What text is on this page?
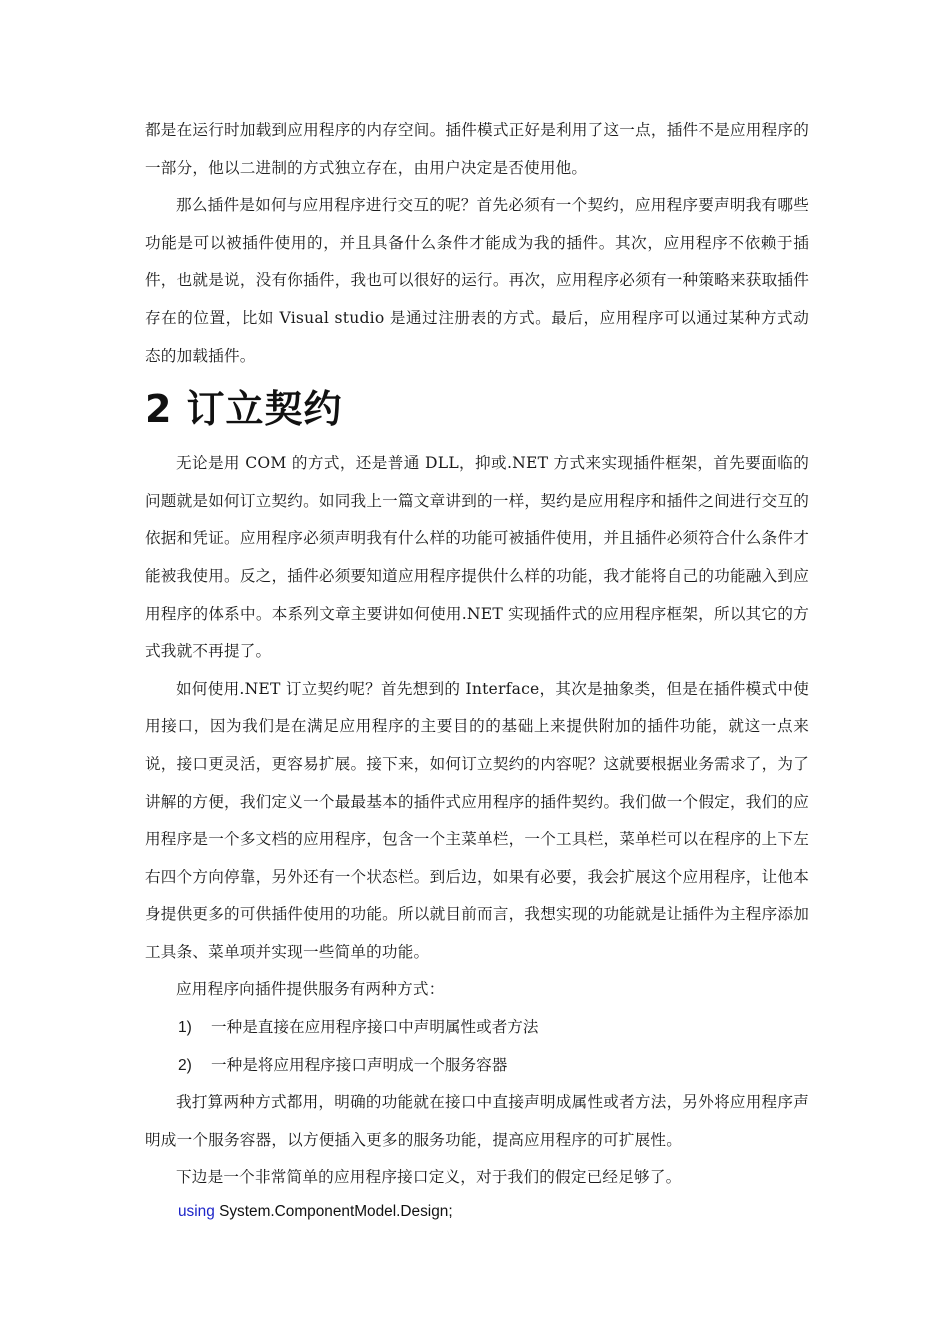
都是在运行时加载到应用程序的内存空间。插件模式正好是利用了这一点，插件不是应用程序的一部分，他以二进制的方式独立存在，由用户决定是否使用他。

那么插件是如何与应用程序进行交互的呢？首先必须有一个契约，应用程序要声明我有哪些功能是可以被插件使用的，并且具备什么条件才能成为我的插件。其次，应用程序不依赖于插件，也就是说，没有你插件，我也可以很好的运行。再次，应用程序必须有一种策略来获取插件存在的位置，比如 Visual studio 是通过注册表的方式。最后，应用程序可以通过某种方式动态的加载插件。

2 订立契约

无论是用 COM 的方式，还是普通 DLL，抑或.NET 方式来实现插件框架，首先要面临的问题就是如何订立契约。如同我上一篇文章讲到的一样，契约是应用程序和插件之间进行交互的依据和凭证。应用程序必须声明我有什么样的功能可被插件使用，并且插件必须符合什么条件才能被我使用。反之，插件必须要知道应用程序提供什么样的功能，我才能将自己的功能融入到应用程序的体系中。本系列文章主要讲如何使用.NET 实现插件式的应用程序框架，所以其它的方式我就不再提了。

如何使用.NET 订立契约呢？首先想到的 Interface，其次是抽象类，但是在插件模式中使用接口，因为我们是在满足应用程序的主要目的的基础上来提供附加的插件功能，就这一点来说，接口更灵活，更容易扩展。接下来，如何订立契约的内容呢？这就要根据业务需求了，为了讲解的方便，我们定义一个最最基本的插件式应用程序的插件契约。我们做一个假定，我们的应用程序是一个多文档的应用程序，包含一个主菜单栏，一个工具栏，菜单栏可以在程序的上下左右四个方向停靠，另外还有一个状态栏。到后边，如果有必要，我会扩展这个应用程序，让他本身提供更多的可供插件使用的功能。所以就目前而言，我想实现的功能就是让插件为主程序添加工具条、菜单项并实现一些简单的功能。

应用程序向插件提供服务有两种方式：

1)	一种是直接在应用程序接口中声明属性或者方法
2)	一种是将应用程序接口声明成一个服务容器

我打算两种方式都用，明确的功能就在接口中直接声明成属性或者方法，另外将应用程序声明成一个服务容器，以方便插入更多的服务功能，提高应用程序的可扩展性。

下边是一个非常简单的应用程序接口定义，对于我们的假定已经足够了。

using System.ComponentModel.Design;
